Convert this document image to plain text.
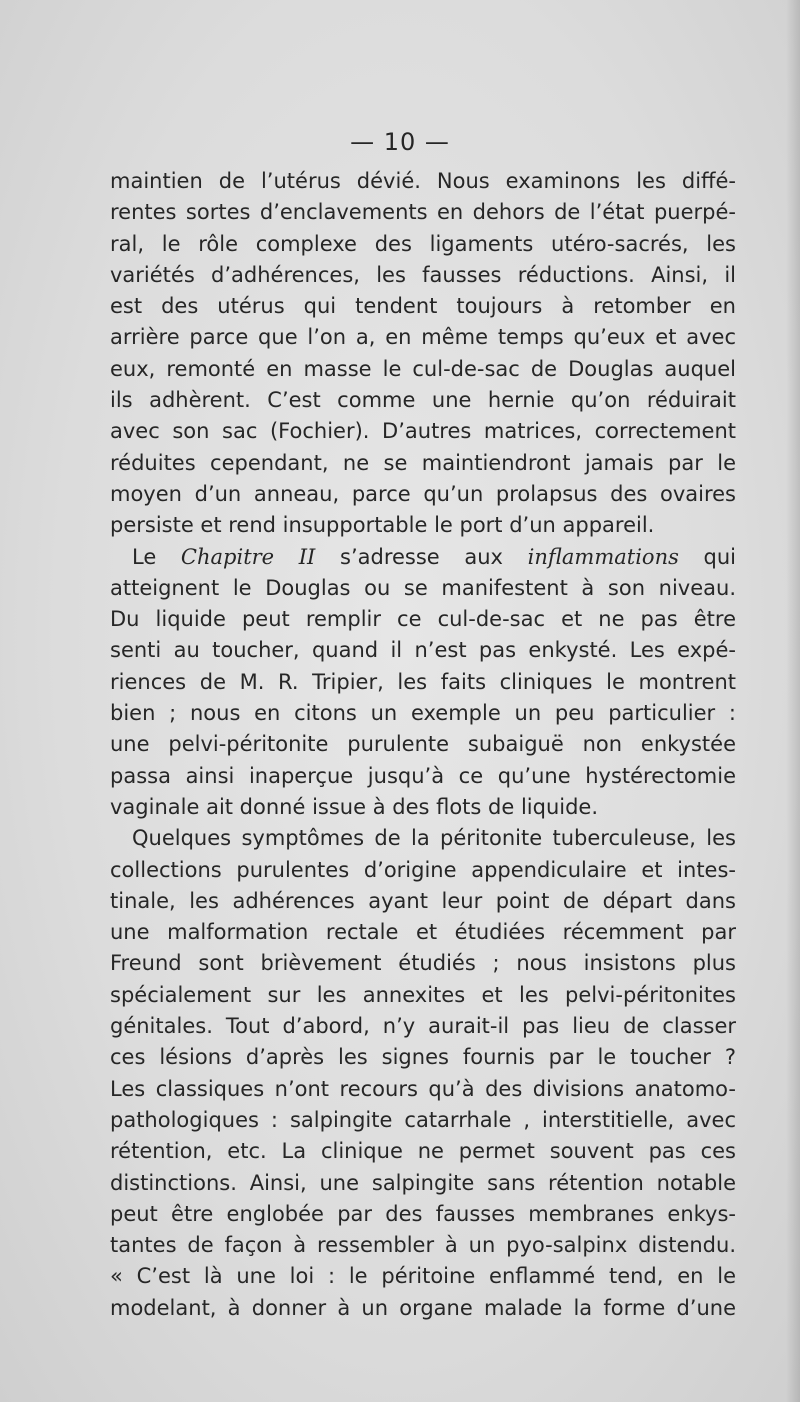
— 10 —
maintien de l’utérus dévié. Nous examinons les diffé-
rentes sortes d’enclavements en dehors de l’état puerpé-
ral, le rôle complexe des ligaments utéro-sacrés, les
variétés d’adhérences, les fausses réductions. Ainsi, il
est des utérus qui tendent toujours à retomber en
arrière parce que l’on a, en même temps qu’eux et avec
eux, remonté en masse le cul-de-sac de Douglas auquel
ils adhèrent. C’est comme une hernie qu’on réduirait
avec son sac (Fochier). D’autres matrices, correctement
réduites cependant, ne se maintiendront jamais par le
moyen d’un anneau, parce qu’un prolapsus des ovaires
persiste et rend insupportable le port d’un appareil.
Le Chapitre II s’adresse aux inflammations qui
atteignent le Douglas ou se manifestent à son niveau.
Du liquide peut remplir ce cul-de-sac et ne pas être
senti au toucher, quand il n’est pas enkysté. Les expé-
riences de M. R. Tripier, les faits cliniques le montrent
bien ; nous en citons un exemple un peu particulier :
une pelvi-péritonite purulente subaiguë non enkystée
passa ainsi inaperçue jusqu’à ce qu’une hystérectomie
vaginale ait donné issue à des flots de liquide.
Quelques symptômes de la péritonite tuberculeuse, les
collections purulentes d’origine appendiculaire et intes-
tinale, les adhérences ayant leur point de départ dans
une malformation rectale et étudiées récemment par
Freund sont brièvement étudiés ; nous insistons plus
spécialement sur les annexites et les pelvi-péritonites
génitales. Tout d’abord, n’y aurait-il pas lieu de classer
ces lésions d’après les signes fournis par le toucher ?
Les classiques n’ont recours qu’à des divisions anatomo-
pathologiques : salpingite catarrhale , interstitielle, avec
rétention, etc. La clinique ne permet souvent pas ces
distinctions. Ainsi, une salpingite sans rétention notable
peut être englobée par des fausses membranes enkys-
tantes de façon à ressembler à un pyo-salpinx distendu.
« C’est là une loi : le péritoine enflammé tend, en le
modelant, à donner à un organe malade la forme d’une
